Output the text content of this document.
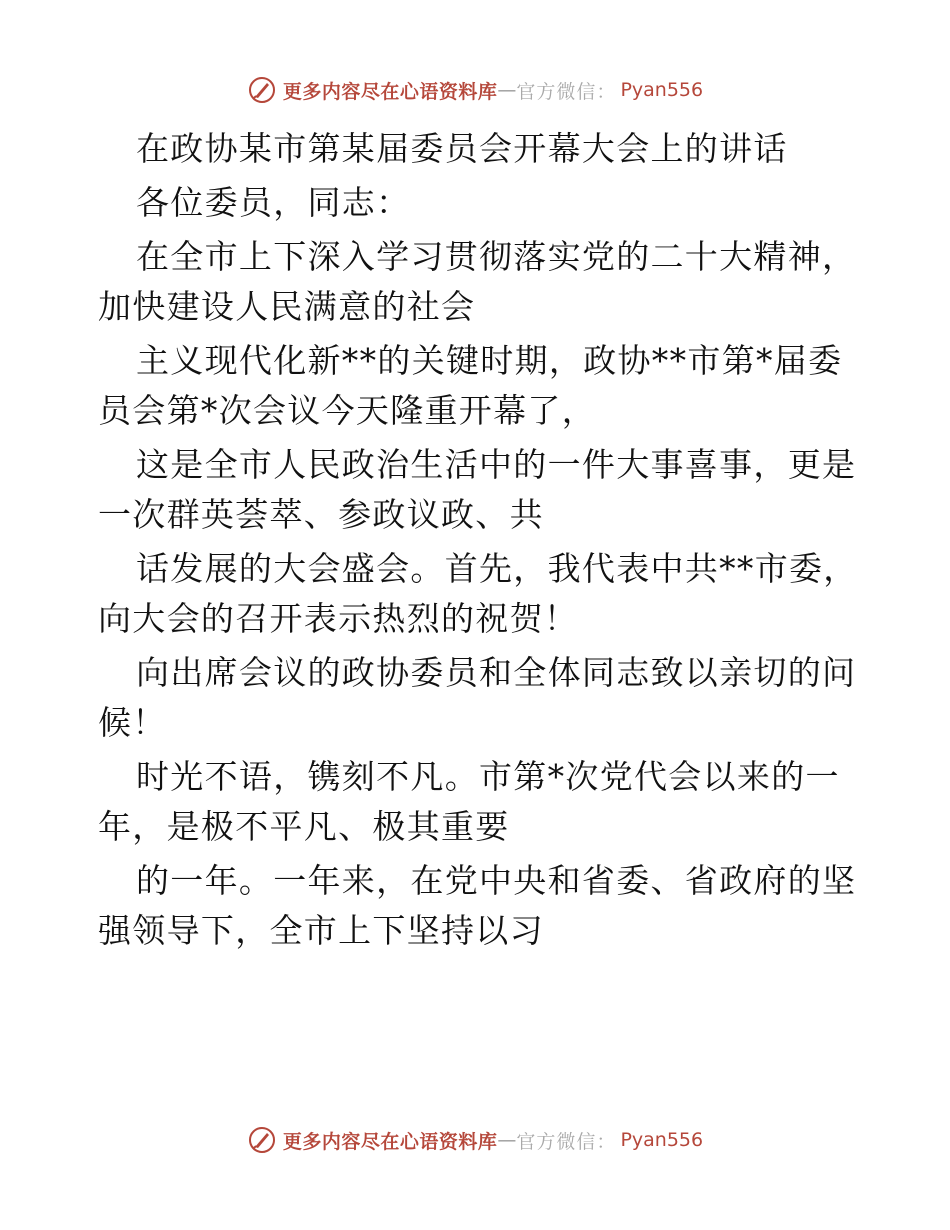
更多内容尽在心语资料库 — 官方微信： Pyan556
在政协某市第某届委员会开幕大会上的讲话
各位委员，同志：
在全市上下深入学习贯彻落实党的二十大精神，
加快建设人民满意的社会
主义现代化新**的关键时期，政协**市第*届委
员会第*次会议今天隆重开幕了，
这是全市人民政治生活中的一件大事喜事，更是
一次群英荟萃、参政议政、共
话发展的大会盛会。首先，我代表中共**市委，
向大会的召开表示热烈的祝贺！
向出席会议的政协委员和全体同志致以亲切的问
候！
时光不语，镌刻不凡。市第*次党代会以来的一
年，是极不平凡、极其重要
的一年。一年来，在党中央和省委、省政府的坚
强领导下，全市上下坚持以习
更多内容尽在心语资料库 — 官方微信： Pyan556
